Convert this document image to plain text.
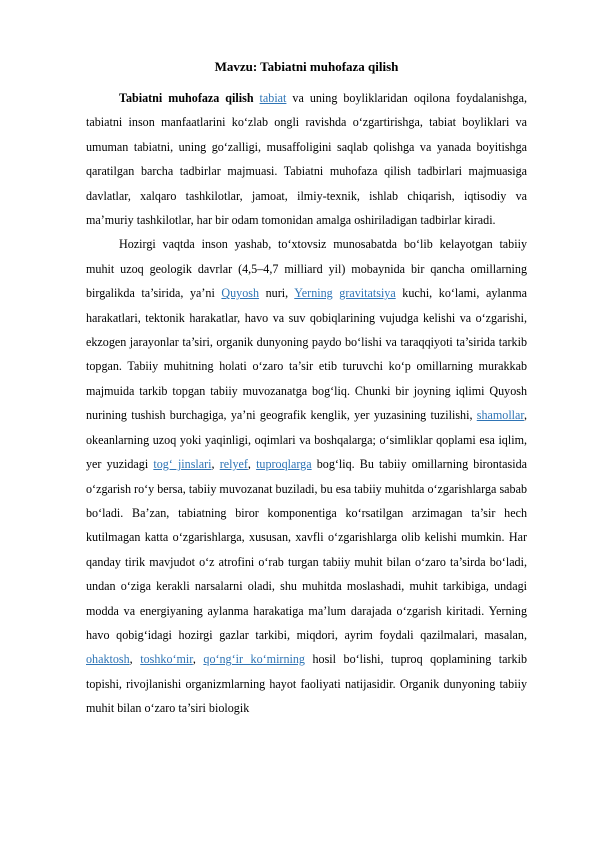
Mavzu: Tabiatni muhofaza qilish

Tabiatni muhofaza qilish tabiat va uning boyliklaridan oqilona foydalanishga, tabiatni inson manfaatlarini ko‘zlab ongli ravishda o‘zgartirishga, tabiat boyliklari va umuman tabiatni, uning go‘zalligi, musaffoligini saqlab qolishga va yanada boyitishga qaratilgan barcha tadbirlar majmuasi. Tabiatni muhofaza qilish tadbirlari majmuasiga davlatlar, xalqaro tashkilotlar, jamoat, ilmiy-texnik, ishlab chiqarish, iqtisodiy va ma’muriy tashkilotlar, har bir odam tomonidan amalga oshiriladigan tadbirlar kiradi.

Hozirgi vaqtda inson yashab, to‘xtovsiz munosabatda bo‘lib kelayotgan tabiiy muhit uzoq geologik davrlar (4,5–4,7 milliard yil) mobaynida bir qancha omillarning birgalikda ta’sirida, ya’ni Quyosh nuri, Yerning gravitatsiya kuchi, ko‘lami, aylanma harakatlari, tektonik harakatlar, havo va suv qobiqlarining vujudga kelishi va o‘zgarishi, ekzogen jarayonlar ta’siri, organik dunyoning paydo bo‘lishi va taraqqiyoti ta’sirida tarkib topgan. Tabiiy muhitning holati o‘zaro ta’sir etib turuvchi ko‘p omillarning murakkab majmuida tarkib topgan tabiiy muvozanatga bog‘liq. Chunki bir joyning iqlimi Quyosh nurining tushish burchagiga, ya’ni geografik kenglik, yer yuzasining tuzilishi, shamollar, okeanlarning uzoq yoki yaqinligi, oqimlari va boshqalarga; o‘simliklar qoplami esa iqlim, yer yuzidagi tog‘ jinslari, relyef, tuproqlarga bog‘liq. Bu tabiiy omillarning birontasida o‘zgarish ro‘y bersa, tabiiy muvozanat buziladi, bu esa tabiiy muhitda o‘zgarishlarga sabab bo‘ladi. Ba’zan, tabiatning biror komponentiga ko‘rsatilgan arzimagan ta’sir hech kutilmagan katta o‘zgarishlarga, xususan, xavfli o‘zgarishlarga olib kelishi mumkin. Har qanday tirik mavjudot o‘z atrofini o‘rab turgan tabiiy muhit bilan o‘zaro ta’sirda bo‘ladi, undan o‘ziga kerakli narsalarni oladi, shu muhitda moslashadi, muhit tarkibiga, undagi modda va energiyaning aylanma harakatiga ma’lum darajada o‘zgarish kiritadi. Yerning havo qobig‘idagi hozirgi gazlar tarkibi, miqdori, ayrim foydali qazilmalari, masalan, ohaktosh, toshko‘mir, qo‘ng‘ir ko‘mirning hosil bo‘lishi, tuproq qoplamining tarkib topishi, rivojlanishi organizmlarning hayot faoliyati natijasidir. Organik dunyoning tabiiy muhit bilan o‘zaro ta’siri biologik
